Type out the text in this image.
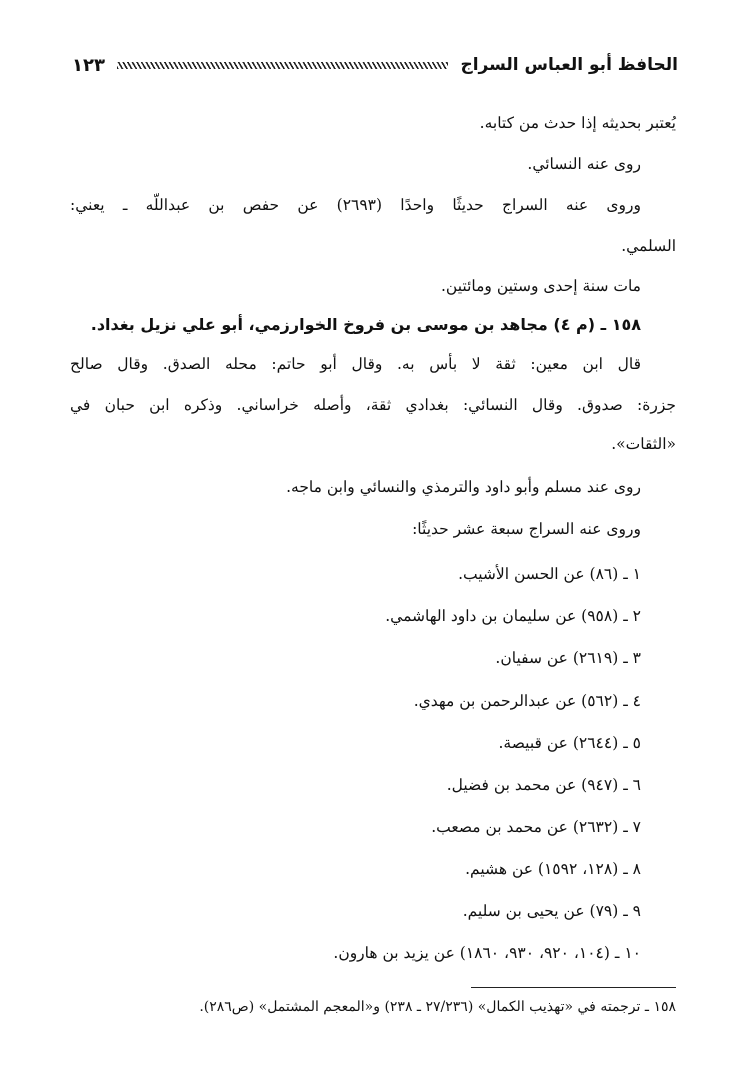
الحافظ أبو العباس السراج
١٢٣
يُعتبر بحديثه إذا حدث من كتابه.
روى عنه النسائي.
وروى عنه السراج حديثًا واحدًا (٢٦٩٣) عن حفص بن عبداللّه ـ يعني:
السلمي.
مات سنة إحدى وستين ومائتين.
١٥٨ ـ (م ٤) مجاهد بن موسى بن فروخ الخوارزمي، أبو علي نزيل بغداد.
قال ابن معين: ثقة لا بأس به. وقال أبو حاتم: محله الصدق. وقال صالح
جزرة: صدوق. وقال النسائي: بغدادي ثقة، وأصله خراساني. وذكره ابن حبان في
«الثقات».
روى عند مسلم وأبو داود والترمذي والنسائي وابن ماجه.
وروى عنه السراج سبعة عشر حديثًا:
١ ـ (٨٦) عن الحسن الأشيب.
٢ ـ (٩٥٨) عن سليمان بن داود الهاشمي.
٣ ـ (٢٦١٩) عن سفيان.
٤ ـ (٥٦٢) عن عبدالرحمن بن مهدي.
٥ ـ (٢٦٤٤) عن قبيصة.
٦ ـ (٩٤٧) عن محمد بن فضيل.
٧ ـ (٢٦٣٢) عن محمد بن مصعب.
٨ ـ (١٢٨، ١٥٩٢) عن هشيم.
٩ ـ (٧٩) عن يحيى بن سليم.
١٠ ـ (١٠٤، ٩٢٠، ٩٣٠، ١٨٦٠) عن يزيد بن هارون.
١٥٨ ـ ترجمته في «تهذيب الكمال» (٢٧/٢٣٦ ـ ٢٣٨) و«المعجم المشتمل» (ص٢٨٦).
